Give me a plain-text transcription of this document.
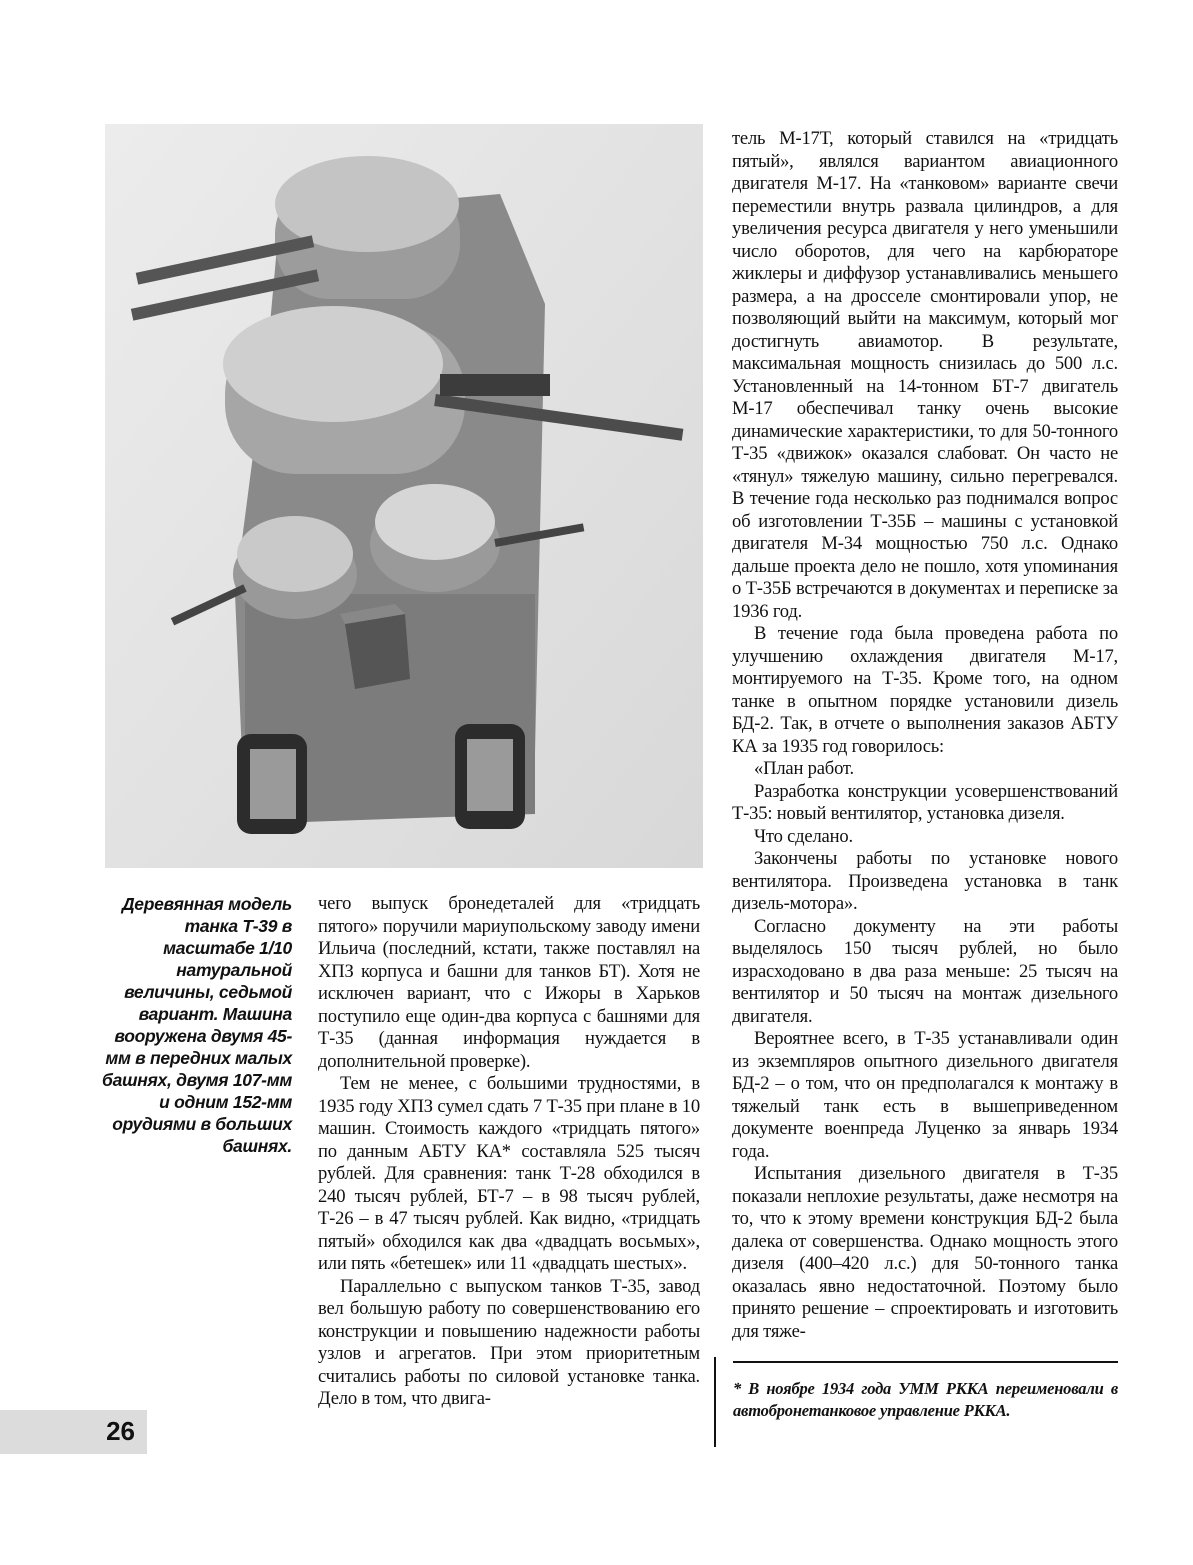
Деревянная модель танка Т-39 в масштабе 1/10 натуральной величины, седьмой вариант. Машина вооружена двумя 45-мм в передних малых башнях, двумя 107-мм и одним 152-мм орудиями в больших башнях.

чего выпуск бронедеталей для «тридцать пятого» поручили мариупольскому заводу имени Ильича (последний, кстати, также поставлял на ХПЗ корпуса и башни для танков БТ). Хотя не исключен вариант, что с Ижоры в Харьков поступило еще один-два корпуса с башнями для Т-35 (данная информация нуждается в дополнительной проверке).

Тем не менее, с большими трудностями, в 1935 году ХПЗ сумел сдать 7 Т-35 при плане в 10 машин. Стоимость каждого «тридцать пятого» по данным АБТУ КА* составляла 525 тысяч рублей. Для сравнения: танк Т-28 обходился в 240 тысяч рублей, БТ-7 – в 98 тысяч рублей, Т-26 – в 47 тысяч рублей. Как видно, «тридцать пятый» обходился как два «двадцать восьмых», или пять «бетешек» или 11 «двадцать шестых».

Параллельно с выпуском танков Т-35, завод вел большую работу по совершенствованию его конструкции и повышению надежности работы узлов и агрегатов. При этом приоритетным считались работы по силовой установке танка. Дело в том, что двига-

тель М-17Т, который ставился на «тридцать пятый», являлся вариантом авиационного двигателя М-17. На «танковом» варианте свечи переместили внутрь развала цилиндров, а для увеличения ресурса двигателя у него уменьшили число оборотов, для чего на карбюраторе жиклеры и диффузор устанавливались меньшего размера, а на дросселе смонтировали упор, не позволяющий выйти на максимум, который мог достигнуть авиамотор. В результате, максимальная мощность снизилась до 500 л.с. Установленный на 14-тонном БТ-7 двигатель М-17 обеспечивал танку очень высокие динамические характеристики, то для 50-тонного Т-35 «движок» оказался слабоват. Он часто не «тянул» тяжелую машину, сильно перегревался. В течение года несколько раз поднимался вопрос об изготовлении Т-35Б – машины с установкой двигателя М-34 мощностью 750 л.с. Однако дальше проекта дело не пошло, хотя упоминания о Т-35Б встречаются в документах и переписке за 1936 год.

В течение года была проведена работа по улучшению охлаждения двигателя М-17, монтируемого на Т-35. Кроме того, на одном танке в опытном порядке установили дизель БД-2. Так, в отчете о выполнения заказов АБТУ КА за 1935 год говорилось:

«План работ.

Разработка конструкции усовершенствований Т-35: новый вентилятор, установка дизеля.

Что сделано.

Закончены работы по установке нового вентилятора. Произведена установка в танк дизель-мотора».

Согласно документу на эти работы выделялось 150 тысяч рублей, но было израсходовано в два раза меньше: 25 тысяч на вентилятор и 50 тысяч на монтаж дизельного двигателя.

Вероятнее всего, в Т-35 устанавливали один из экземпляров опытного дизельного двигателя БД-2 – о том, что он предполагался к монтажу в тяжелый танк есть в вышеприведенном документе военпреда Луценко за январь 1934 года.

Испытания дизельного двигателя в Т-35 показали неплохие результаты, даже несмотря на то, что к этому времени конструкция БД-2 была далека от совершенства. Однако мощность этого дизеля (400–420 л.с.) для 50-тонного танка оказалась явно недостаточной. Поэтому было принято решение – спроектировать и изготовить для тяже-

* В ноябре 1934 года УММ РККА переименовали в автобронетанковое управление РККА.
26
